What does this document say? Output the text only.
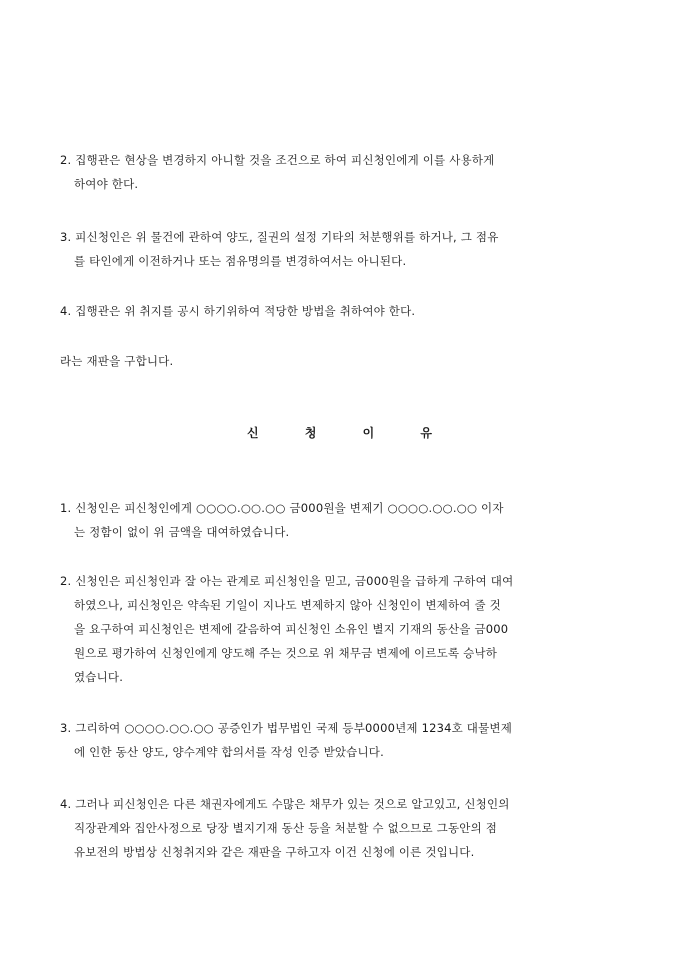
2. 집행관은 현상을 변경하지 아니할 것을 조건으로 하여 피신청인에게 이를 사용하게

하여야 한다.

3. 피신청인은 위 물건에 관하여 양도, 질권의 설정 기타의 처분행위를 하거나, 그 점유

를 타인에게 이전하거나 또는 점유명의를 변경하여서는 아니된다.

4. 집행관은 위 취지를 공시 하기위하여 적당한 방법을 취하여야 한다.

라는 재판을 구합니다.

신	청	이	유

1. 신청인은 피신청인에게 ○○○○.○○.○○ 금000원을 변제기 ○○○○.○○.○○ 이자

는 정함이 없이 위 금액을 대여하였습니다.

2. 신청인은 피신청인과 잘 아는 관계로 피신청인을 믿고, 금000원을 급하게 구하여 대여

하였으나, 피신청인은 약속된 기일이 지나도 변제하지 않아 신청인이 변제하여 줄 것

을 요구하여 피신청인은 변제에 갈음하여 피신청인 소유인 별지 기재의 동산을 금000

원으로 평가하여 신청인에게 양도해 주는 것으로 위 채무금 변제에 이르도록 승낙하

였습니다.

3. 그리하여 ○○○○.○○.○○ 공증인가 법무법인 국제 등부0000년제 1234호 대물변제

에 인한 동산 양도, 양수계약 합의서를 작성 인증 받았습니다.

4. 그러나 피신청인은 다른 채권자에게도 수많은 채무가 있는 것으로 알고있고, 신청인의

직장관계와 집안사정으로 당장 별지기재 동산 등을 처분할 수 없으므로 그동안의 점

유보전의 방법상 신청취지와 같은 재판을 구하고자 이건 신청에 이른 것입니다.
